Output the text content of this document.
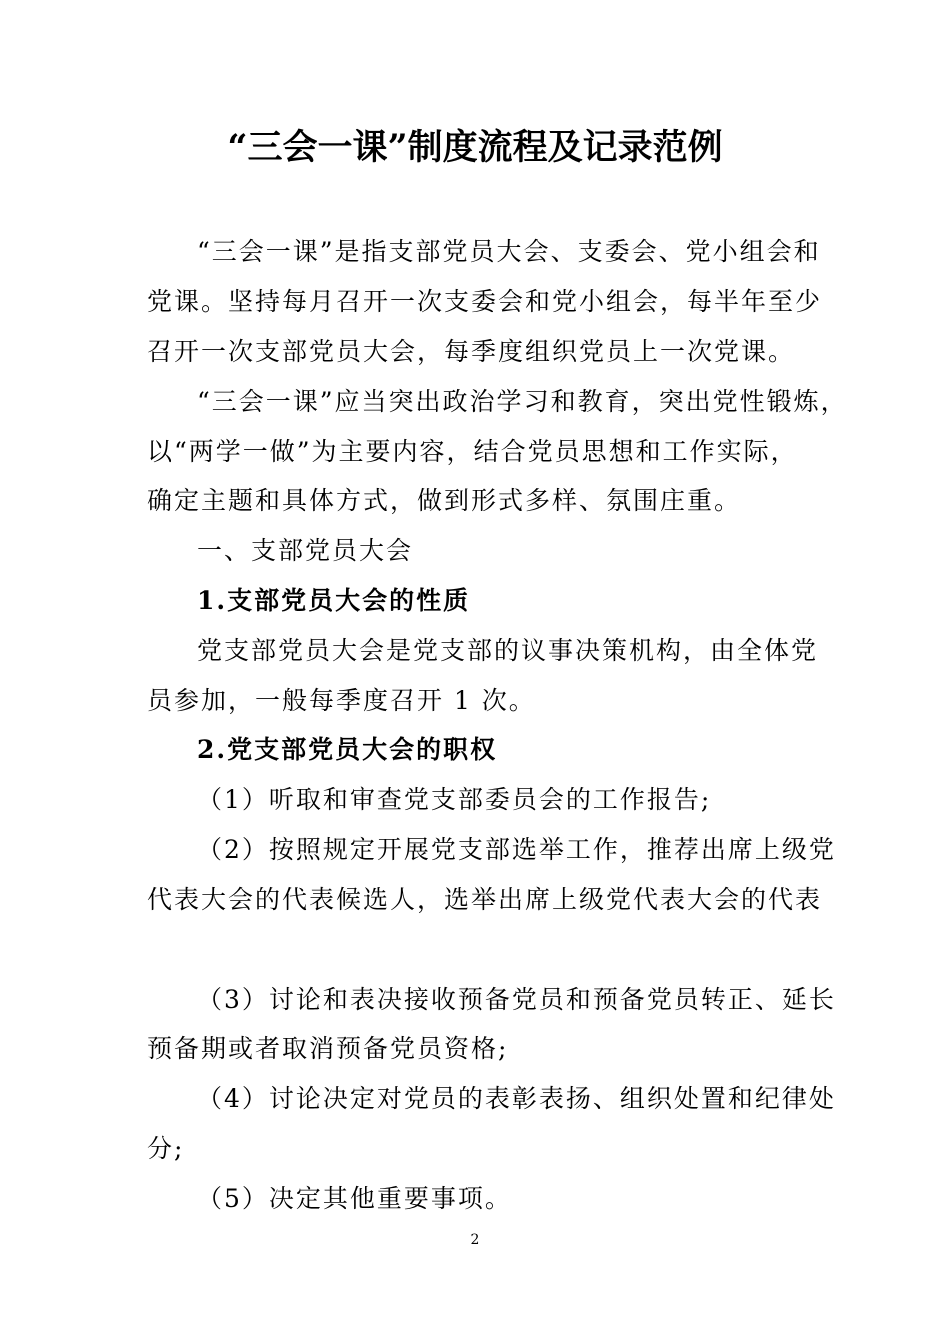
“三会一课”制度流程及记录范例
“三会一课”是指支部党员大会、支委会、党小组会和
党课。坚持每月召开一次支委会和党小组会，每半年至少
召开一次支部党员大会，每季度组织党员上一次党课。
“三会一课”应当突出政治学习和教育，突出党性锻炼，
以“两学一做”为主要内容，结合党员思想和工作实际，
确定主题和具体方式，做到形式多样、氛围庄重。
一、支部党员大会
1.支部党员大会的性质
党支部党员大会是党支部的议事决策机构，由全体党
员参加，一般每季度召开 1 次。
2.党支部党员大会的职权
（1）听取和审查党支部委员会的工作报告;
（2）按照规定开展党支部选举工作，推荐出席上级党
代表大会的代表候选人，选举出席上级党代表大会的代表
（3）讨论和表决接收预备党员和预备党员转正、延长
预备期或者取消预备党员资格;
（4）讨论决定对党员的表彰表扬、组织处置和纪律处
分;
（5）决定其他重要事项。
2
